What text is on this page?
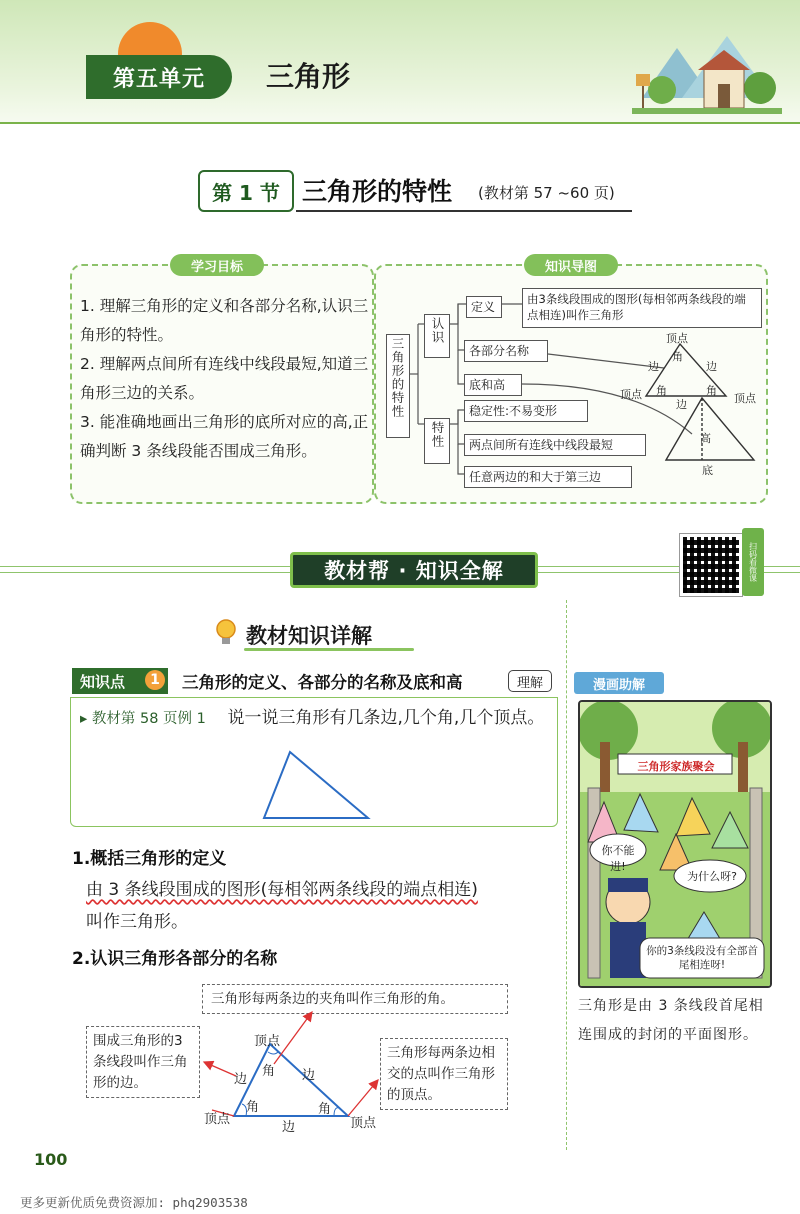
第五单元	三角形
第 1 节 三角形的特性 (教材第 57 ~60 页)
学习目标
1. 理解三角形的定义和各部分名称,认识三角形的特性。
2. 理解两点间所有连线中线段最短,知道三角形三边的关系。
3. 能准确地画出三角形的底所对应的高,正确判断 3 条线段能否围成三角形。
知识导图
三角形的特性
认识
特性
定义
由3条线段围成的图形(每相邻两条线段的端点相连)叫作三角形
各部分名称
底和高
稳定性:不易变形
两点间所有连线中线段最短
任意两边的和大于第三边
顶点
角
边	边
顶点 角	角
顶点
边
高
底
教材帮 · 知识全解	扫码看微课
教材知识详解
知识点	1	三角形的定义、各部分的名称及底和高	理解
▸ 教材第 58 页例 1 说一说三角形有几条边,几个角,几个顶点。
1.概括三角形的定义
由 3 条线段围成的图形(每相邻两条线段的端点相连)
叫作三角形。
2.认识三角形各部分的名称
三角形每两条边的夹角叫作三角形的角。
围成三角形的3条线段叫作三角形的边。
三角形每两条边相交的点叫作三角形的顶点。
顶点
角
边	边
角	角
顶点	顶点
边
漫画助解
三角形家族聚会
你不能进!
为什么呀?
你的3条线段没有全部首尾相连呀!
三角形是由 3 条线段首尾相连围成的封闭的平面图形。
100
更多更新优质免费资源加: phq2903538
